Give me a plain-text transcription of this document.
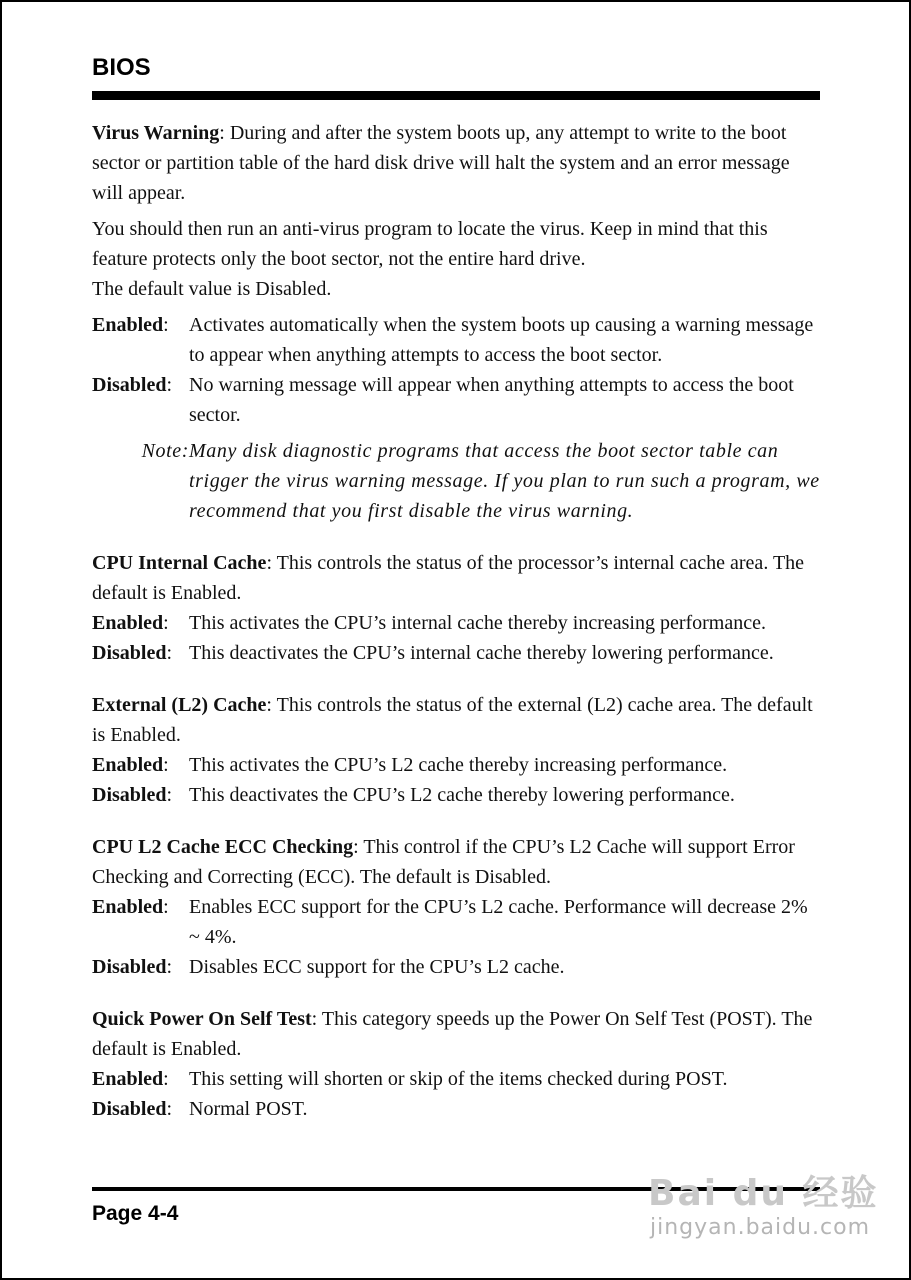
BIOS

Virus Warning: During and after the system boots up, any attempt to write to the boot sector or partition table of the hard disk drive will halt the system and an error message will appear.

You should then run an anti-virus program to locate the virus. Keep in mind that this feature protects only the boot sector, not the entire hard drive.

The default value is Disabled.

Enabled:	Activates automatically when the system boots up causing a warning message to appear when anything attempts to access the boot sector.
Disabled: No warning message will appear when anything attempts to access the boot sector.
Note: Many disk diagnostic programs that access the boot sector table can trigger the virus warning message. If you plan to run such a program, we recommend that you first disable the virus warning.

CPU Internal Cache: This controls the status of the processor’s internal cache area. The default is Enabled.

Enabled:	This activates the CPU’s internal cache thereby increasing performance.
Disabled: This deactivates the CPU’s internal cache thereby lowering performance.

External (L2) Cache: This controls the status of the external (L2) cache area. The default is Enabled.

Enabled:	This activates the CPU’s L2 cache thereby increasing performance.
Disabled: This deactivates the CPU’s L2 cache thereby lowering performance.

CPU L2 Cache ECC Checking: This control if the CPU’s L2 Cache will support Error Checking and Correcting (ECC). The default is Disabled.

Enabled:	Enables ECC support for the CPU’s L2 cache. Performance will decrease 2% ~ 4%.
Disabled: Disables ECC support for the CPU’s L2 cache.

Quick Power On Self Test: This category speeds up the Power On Self Test (POST). The default is Enabled.

Enabled:	This setting will shorten or skip of the items checked during POST.
Disabled: Normal POST.
Page 4-4	Bai du 经验
jingyan.baidu.com
